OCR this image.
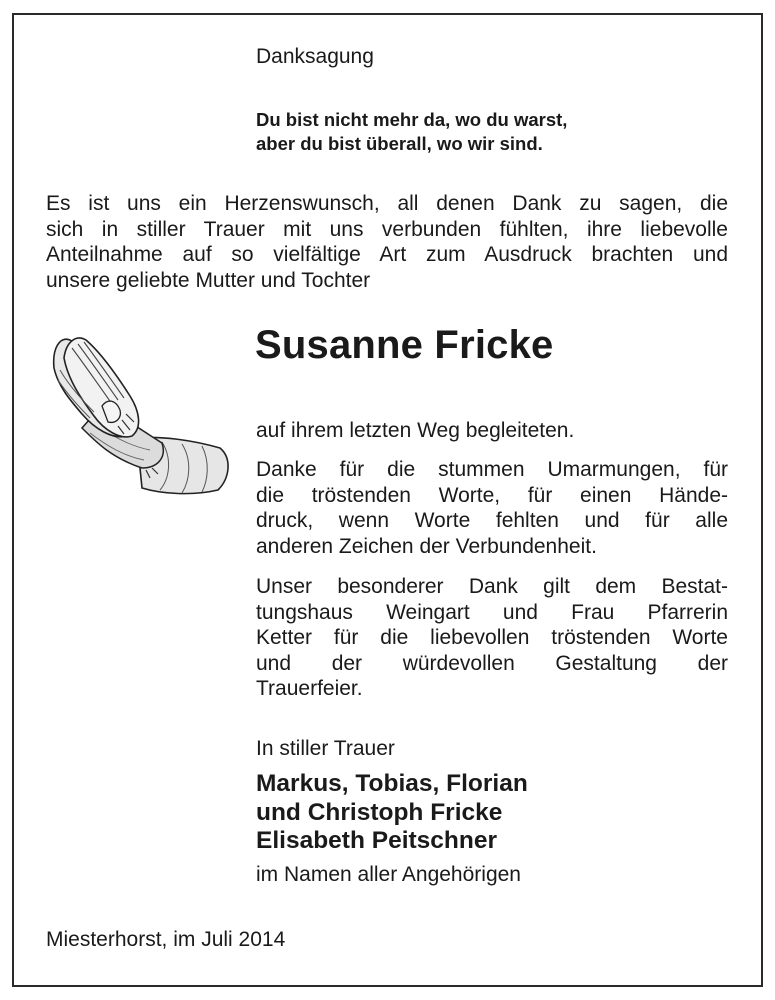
Danksagung
Du bist nicht mehr da, wo du warst,
aber du bist überall, wo wir sind.
Es ist uns ein Herzenswunsch, all denen Dank zu sagen, die
sich in stiller Trauer mit uns verbunden fühlten, ihre liebevolle
Anteilnahme auf so vielfältige Art zum Ausdruck brachten und
unsere geliebte Mutter und Tochter
Susanne Fricke
auf ihrem letzten Weg begleiteten.
Danke für die stummen Umarmungen, für
die tröstenden Worte, für einen Hände-
druck, wenn Worte fehlten und für alle
anderen Zeichen der Verbundenheit.
Unser besonderer Dank gilt dem Bestat-
tungshaus Weingart und Frau Pfarrerin
Ketter für die liebevollen tröstenden Worte
und der würdevollen Gestaltung der
Trauerfeier.
In stiller Trauer
Markus, Tobias, Florian
und Christoph Fricke
Elisabeth Peitschner
im Namen aller Angehörigen
Miesterhorst, im Juli 2014
